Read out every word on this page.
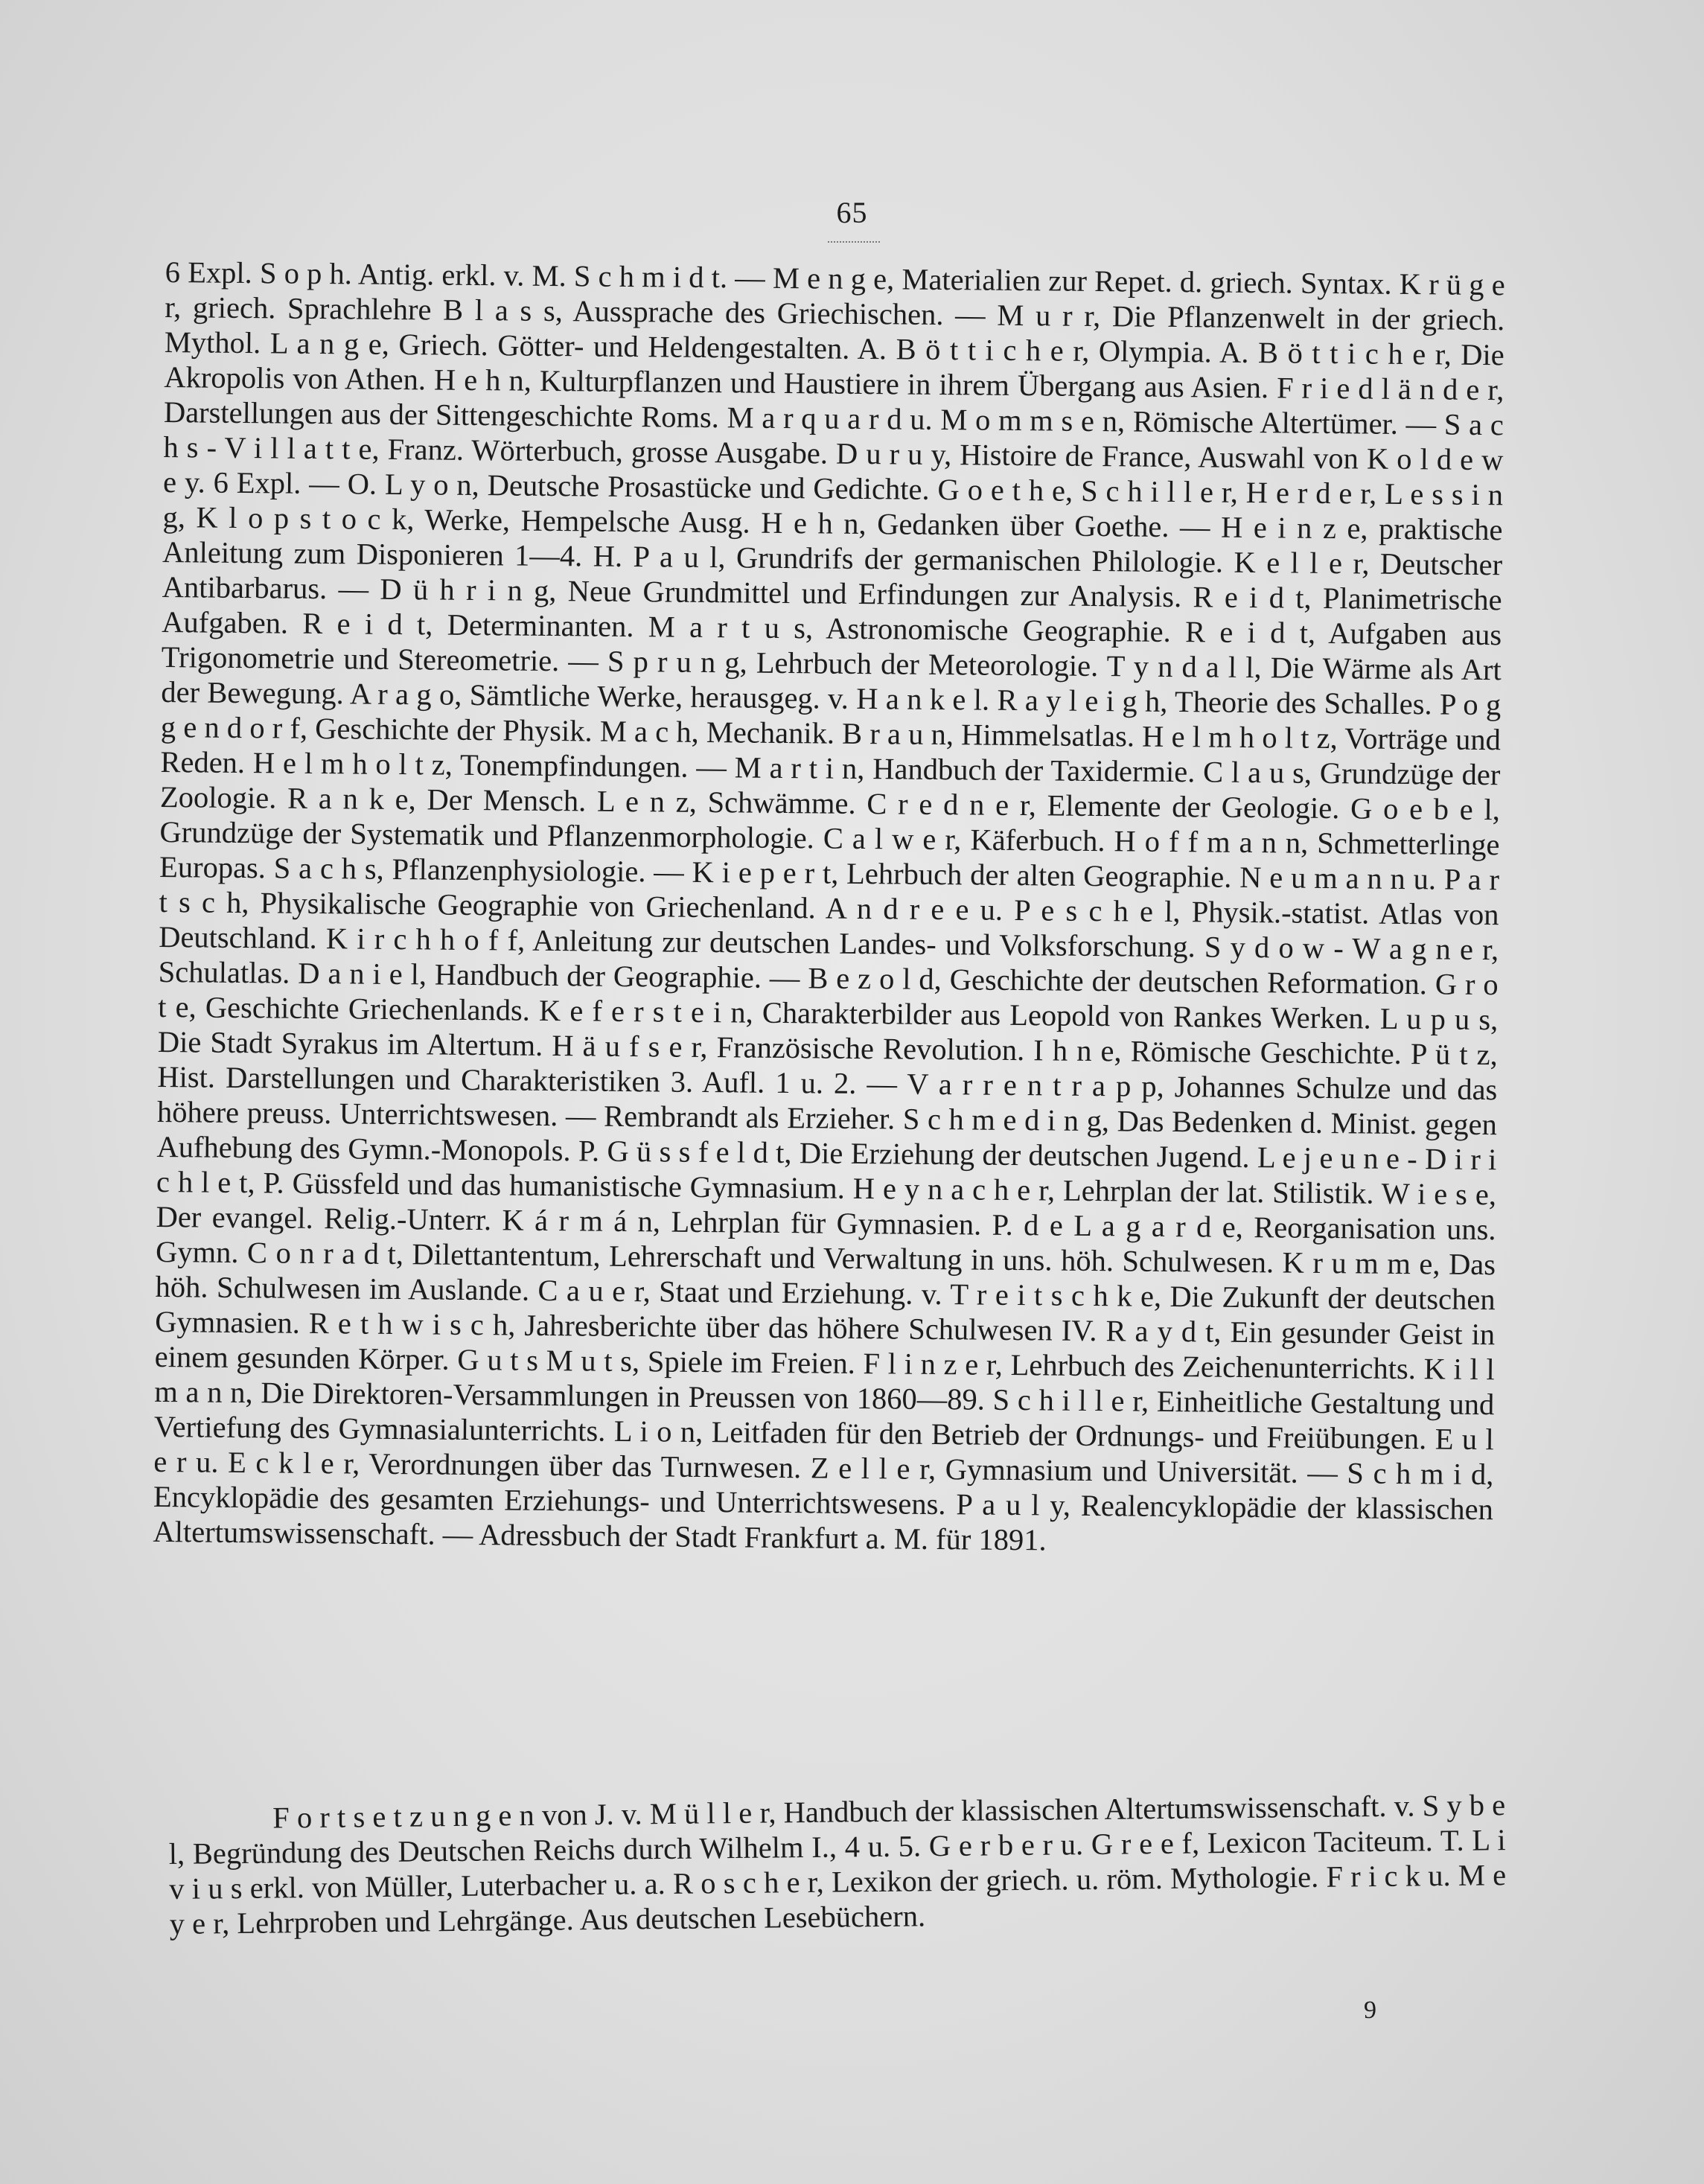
65

6 Expl. S o p h. Antig. erkl. v. M. S c h m i d t. — M e n g e, Materialien zur Repet. d. griech. Syntax. K r ü g e r, griech. Sprachlehre B l a s s, Aussprache des Griechischen. — M u r r, Die Pflanzenwelt in der griech. Mythol. L a n g e, Griech. Götter- und Heldengestalten. A. B ö t t i c h e r, Olympia. A. B ö t t i c h e r, Die Akropolis von Athen. H e h n, Kulturpflanzen und Haustiere in ihrem Übergang aus Asien. F r i e d l ä n d e r, Darstellungen aus der Sittengeschichte Roms. M a r q u a r d u. M o m m s e n, Römische Altertümer. — S a c h s - V i l l a t t e, Franz. Wörterbuch, grosse Ausgabe. D u r u y, Histoire de France, Auswahl von K o l d e w e y. 6 Expl. — O. L y o n, Deutsche Prosastücke und Gedichte. G o e t h e, S c h i l l e r, H e r d e r, L e s s i n g, K l o p s t o c k, Werke, Hempelsche Ausg. H e h n, Gedanken über Goethe. — H e i n z e, praktische Anleitung zum Disponieren 1—4. H. P a u l, Grundrifs der germanischen Philologie. K e l l e r, Deutscher Antibarbarus. — D ü h r i n g, Neue Grundmittel und Erfindungen zur Analysis. R e i d t, Planimetrische Aufgaben. R e i d t, Determinanten. M a r t u s, Astronomische Geographie. R e i d t, Aufgaben aus Trigonometrie und Stereometrie. — S p r u n g, Lehrbuch der Meteorologie. T y n d a l l, Die Wärme als Art der Bewegung. A r a g o, Sämtliche Werke, herausgeg. v. H a n k e l. R a y l e i g h, Theorie des Schalles. P o g g e n d o r f, Geschichte der Physik. M a c h, Mechanik. B r a u n, Himmelsatlas. H e l m h o l t z, Vorträge und Reden. H e l m h o l t z, Tonempfindungen. — M a r t i n, Handbuch der Taxidermie. C l a u s, Grundzüge der Zoologie. R a n k e, Der Mensch. L e n z, Schwämme. C r e d n e r, Elemente der Geologie. G o e b e l, Grundzüge der Systematik und Pflanzenmorphologie. C a l w e r, Käferbuch. H o f f m a n n, Schmetterlinge Europas. S a c h s, Pflanzenphysiologie. — K i e p e r t, Lehrbuch der alten Geographie. N e u m a n n u. P a r t s c h, Physikalische Geographie von Griechenland. A n d r e e u. P e s c h e l, Physik.-statist. Atlas von Deutschland. K i r c h h o f f, Anleitung zur deutschen Landes- und Volksforschung. S y d o w - W a g n e r, Schulatlas. D a n i e l, Handbuch der Geographie. — B e z o l d, Geschichte der deutschen Reformation. G r o t e, Geschichte Griechenlands. K e f e r s t e i n, Charakterbilder aus Leopold von Rankes Werken. L u p u s, Die Stadt Syrakus im Altertum. H ä u f s e r, Französische Revolution. I h n e, Römische Geschichte. P ü t z, Hist. Darstellungen und Charakteristiken 3. Aufl. 1 u. 2. — V a r r e n t r a p p, Johannes Schulze und das höhere preuss. Unterrichtswesen. — Rembrandt als Erzieher. S c h m e d i n g, Das Bedenken d. Minist. gegen Aufhebung des Gymn.-Monopols. P. G ü s s f e l d t, Die Erziehung der deutschen Jugend. L e j e u n e - D i r i c h l e t, P. Güssfeld und das humanistische Gymnasium. H e y n a c h e r, Lehrplan der lat. Stilistik. W i e s e, Der evangel. Relig.-Unterr. K á r m á n, Lehrplan für Gymnasien. P. d e L a g a r d e, Reorganisation uns. Gymn. C o n r a d t, Dilettantentum, Lehrerschaft und Verwaltung in uns. höh. Schulwesen. K r u m m e, Das höh. Schulwesen im Auslande. C a u e r, Staat und Erziehung. v. T r e i t s c h k e, Die Zukunft der deutschen Gymnasien. R e t h w i s c h, Jahresberichte über das höhere Schulwesen IV. R a y d t, Ein gesunder Geist in einem gesunden Körper. G u t s M u t s, Spiele im Freien. F l i n z e r, Lehrbuch des Zeichenunterrichts. K i l l m a n n, Die Direktoren-Versammlungen in Preussen von 1860—89. S c h i l l e r, Einheitliche Gestaltung und Vertiefung des Gymnasialunterrichts. L i o n, Leitfaden für den Betrieb der Ordnungs- und Freiübungen. E u l e r u. E c k l e r, Verordnungen über das Turnwesen. Z e l l e r, Gymnasium und Universität. — S c h m i d, Encyklopädie des gesamten Erziehungs- und Unterrichtswesens. P a u l y, Realencyklopädie der klassischen Altertumswissenschaft. — Adressbuch der Stadt Frankfurt a. M. für 1891.

F o r t s e t z u n g e n von J. v. M ü l l e r, Handbuch der klassischen Altertumswissenschaft. v. S y b e l, Begründung des Deutschen Reichs durch Wilhelm I., 4 u. 5. G e r b e r u. G r e e f, Lexicon Taciteum. T. L i v i u s erkl. von Müller, Luterbacher u. a. R o s c h e r, Lexikon der griech. u. röm. Mythologie. F r i c k u. M e y e r, Lehrproben und Lehrgänge. Aus deutschen Lesebüchern.

9
